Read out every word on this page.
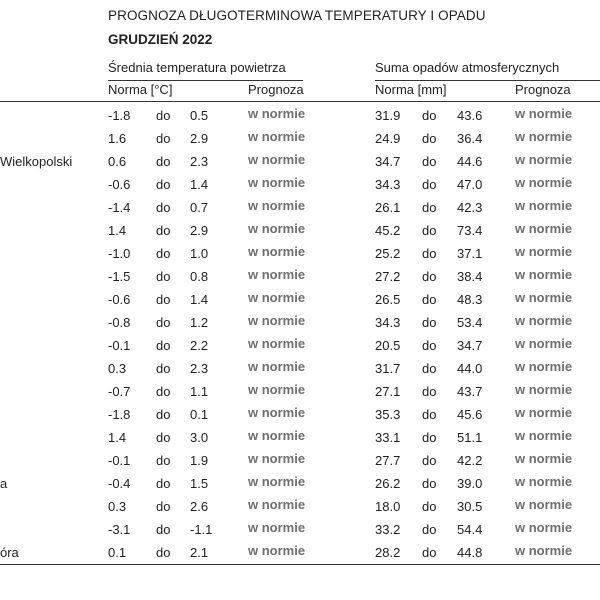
PROGNOZA DŁUGOTERMINOWA TEMPERATURY I OPADU
GRUDZIEŃ 2022
Średnia temperatura powietrza	Suma opadów atmosferycznych
Norma [°C]	Prognoza	Norma [mm]	Prognoza
-1.8 do 0.5	w normie	31.9 do 43.6	w normie
1.6 do 2.9	w normie	24.9 do 36.4	w normie
Wielkopolski	0.6 do 2.3	w normie	34.7 do 44.6	w normie
-0.6 do 1.4	w normie	34.3 do 47.0	w normie
-1.4 do 0.7	w normie	26.1 do 42.3	w normie
1.4 do 2.9	w normie	45.2 do 73.4	w normie
-1.0 do 1.0	w normie	25.2 do 37.1	w normie
-1.5 do 0.8	w normie	27.2 do 38.4	w normie
-0.6 do 1.4	w normie	26.5 do 48.3	w normie
-0.8 do 1.2	w normie	34.3 do 53.4	w normie
-0.1 do 2.2	w normie	20.5 do 34.7	w normie
0.3 do 2.3	w normie	31.7 do 44.0	w normie
-0.7 do 1.1	w normie	27.1 do 43.7	w normie
-1.8 do 0.1	w normie	35.3 do 45.6	w normie
1.4 do 3.0	w normie	33.1 do 51.1	w normie
-0.1 do 1.9	w normie	27.7 do 42.2	w normie
a	-0.4 do 1.5	w normie	26.2 do 39.0	w normie
0.3 do 2.6	w normie	18.0 do 30.5	w normie
-3.1 do -1.1	w normie	33.2 do 54.4	w normie
óra	0.1 do 2.1	w normie	28.2 do 44.8	w normie
